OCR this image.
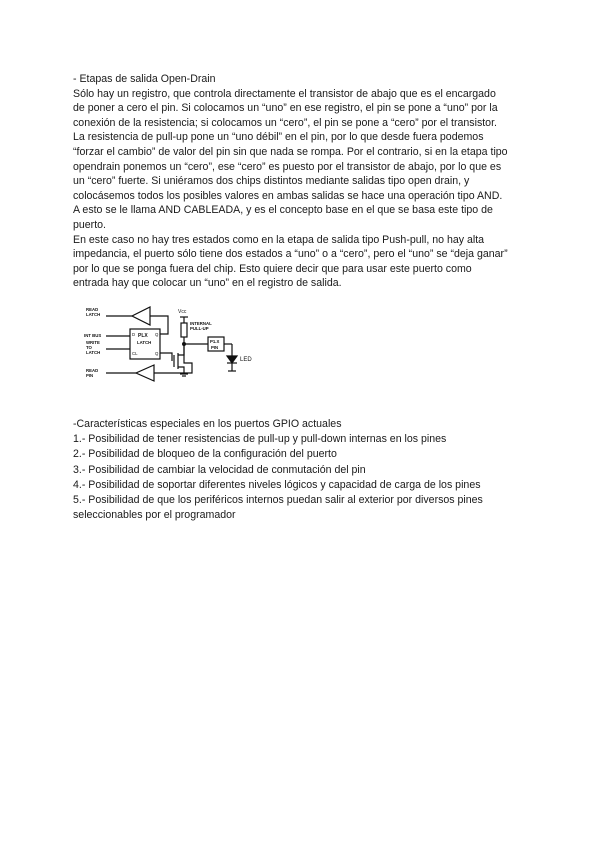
- Etapas de salida Open-Drain

Sólo hay un registro, que controla directamente el transistor de abajo que es el encargado

de poner a cero el pin. Si colocamos un “uno” en ese registro, el pin se pone a “uno” por la

conexión de la resistencia; si colocamos un “cero”, el pin se pone a “cero” por el transistor.

La resistencia de pull-up pone un “uno débil” en el pin, por lo que desde fuera podemos

“forzar el cambio” de valor del pin sin que nada se rompa. Por el contrario, si en la etapa tipo

opendrain ponemos un “cero”, ese “cero” es puesto por el transistor de abajo, por lo que es

un “cero” fuerte. Si uniéramos dos chips distintos mediante salidas tipo open drain, y

colocásemos todos los posibles valores en ambas salidas se hace una operación tipo AND.

A esto se le llama AND CABLEADA, y es el concepto base en el que se basa este tipo de

puerto.

En este caso no hay tres estados como en la etapa de salida tipo Push-pull, no hay alta

impedancia, el puerto sólo tiene dos estados a “uno” o a “cero”, pero el “uno” se “deja ganar”

por lo que se ponga fuera del chip. Esto quiere decir que para usar este puerto como

entrada hay que colocar un “uno” en el registro de salida.

READ
LATCH
INT BUS
WRITE
TO
LATCH
READ
PIN
D PLX
LATCH
CL
Q
Q
Vcc
INTERNAL
PULL-UP
P1.X
PIN
LED

-Características especiales en los puertos GPIO actuales

1.- Posibilidad de tener resistencias de pull-up y pull-down internas en los pines

2.- Posibilidad de bloqueo de la configuración del puerto

3.- Posibilidad de cambiar la velocidad de conmutación del pin

4.- Posibilidad de soportar diferentes niveles lógicos y capacidad de carga de los pines

5.- Posibilidad de que los periféricos internos puedan salir al exterior por diversos pines

seleccionables por el programador
